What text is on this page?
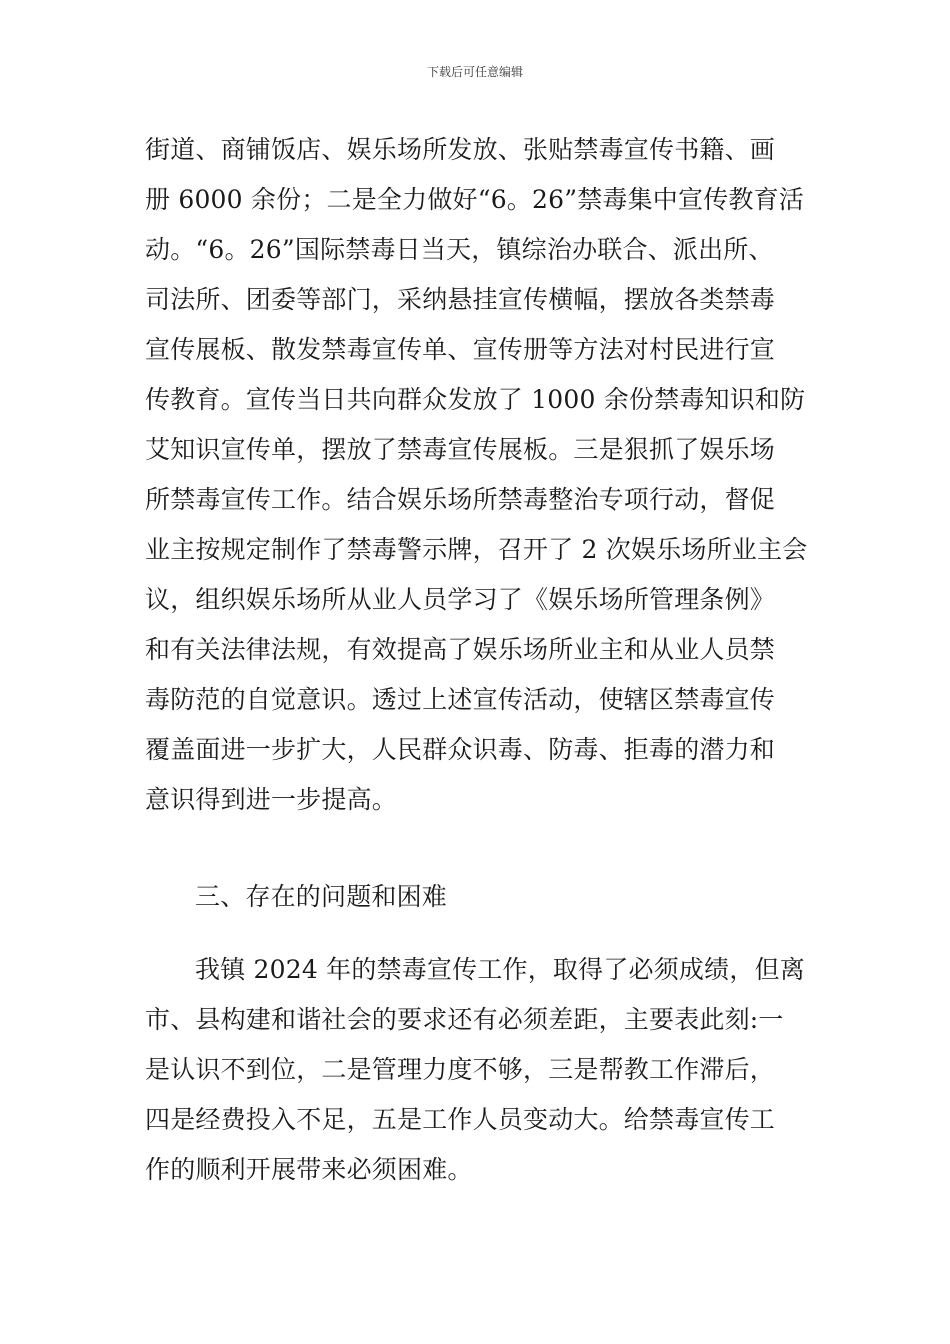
下载后可任意编辑
街道、商铺饭店、娱乐场所发放、张贴禁毒宣传书籍、画
册 6000 余份；二是全力做好“6。26”禁毒集中宣传教育活
动。“6。26”国际禁毒日当天，镇综治办联合、派出所、
司法所、团委等部门，采纳悬挂宣传横幅，摆放各类禁毒
宣传展板、散发禁毒宣传单、宣传册等方法对村民进行宣
传教育。宣传当日共向群众发放了 1000 余份禁毒知识和防
艾知识宣传单，摆放了禁毒宣传展板。三是狠抓了娱乐场
所禁毒宣传工作。结合娱乐场所禁毒整治专项行动，督促
业主按规定制作了禁毒警示牌，召开了 2 次娱乐场所业主会
议，组织娱乐场所从业人员学习了《娱乐场所管理条例》
和有关法律法规，有效提高了娱乐场所业主和从业人员禁
毒防范的自觉意识。透过上述宣传活动，使辖区禁毒宣传
覆盖面进一步扩大，人民群众识毒、防毒、拒毒的潜力和
意识得到进一步提高。
三、存在的问题和困难
我镇 2024 年的禁毒宣传工作，取得了必须成绩，但离
市、县构建和谐社会的要求还有必须差距，主要表此刻:一
是认识不到位，二是管理力度不够，三是帮教工作滞后，
四是经费投入不足，五是工作人员变动大。给禁毒宣传工
作的顺利开展带来必须困难。
